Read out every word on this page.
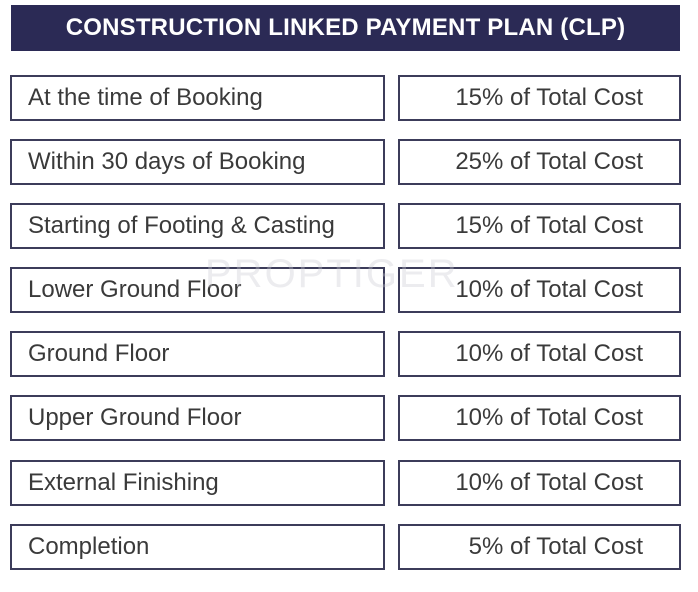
CONSTRUCTION LINKED PAYMENT PLAN (CLP)
At the time of Booking	15% of Total Cost
Within 30 days of Booking	25% of Total Cost
Starting of Footing & Casting	15% of Total Cost
Lower Ground Floor	10% of Total Cost
Ground Floor	10% of Total Cost
Upper Ground Floor	10% of Total Cost
External Finishing	10% of Total Cost
Completion	5% of Total Cost
PROPTIGER
